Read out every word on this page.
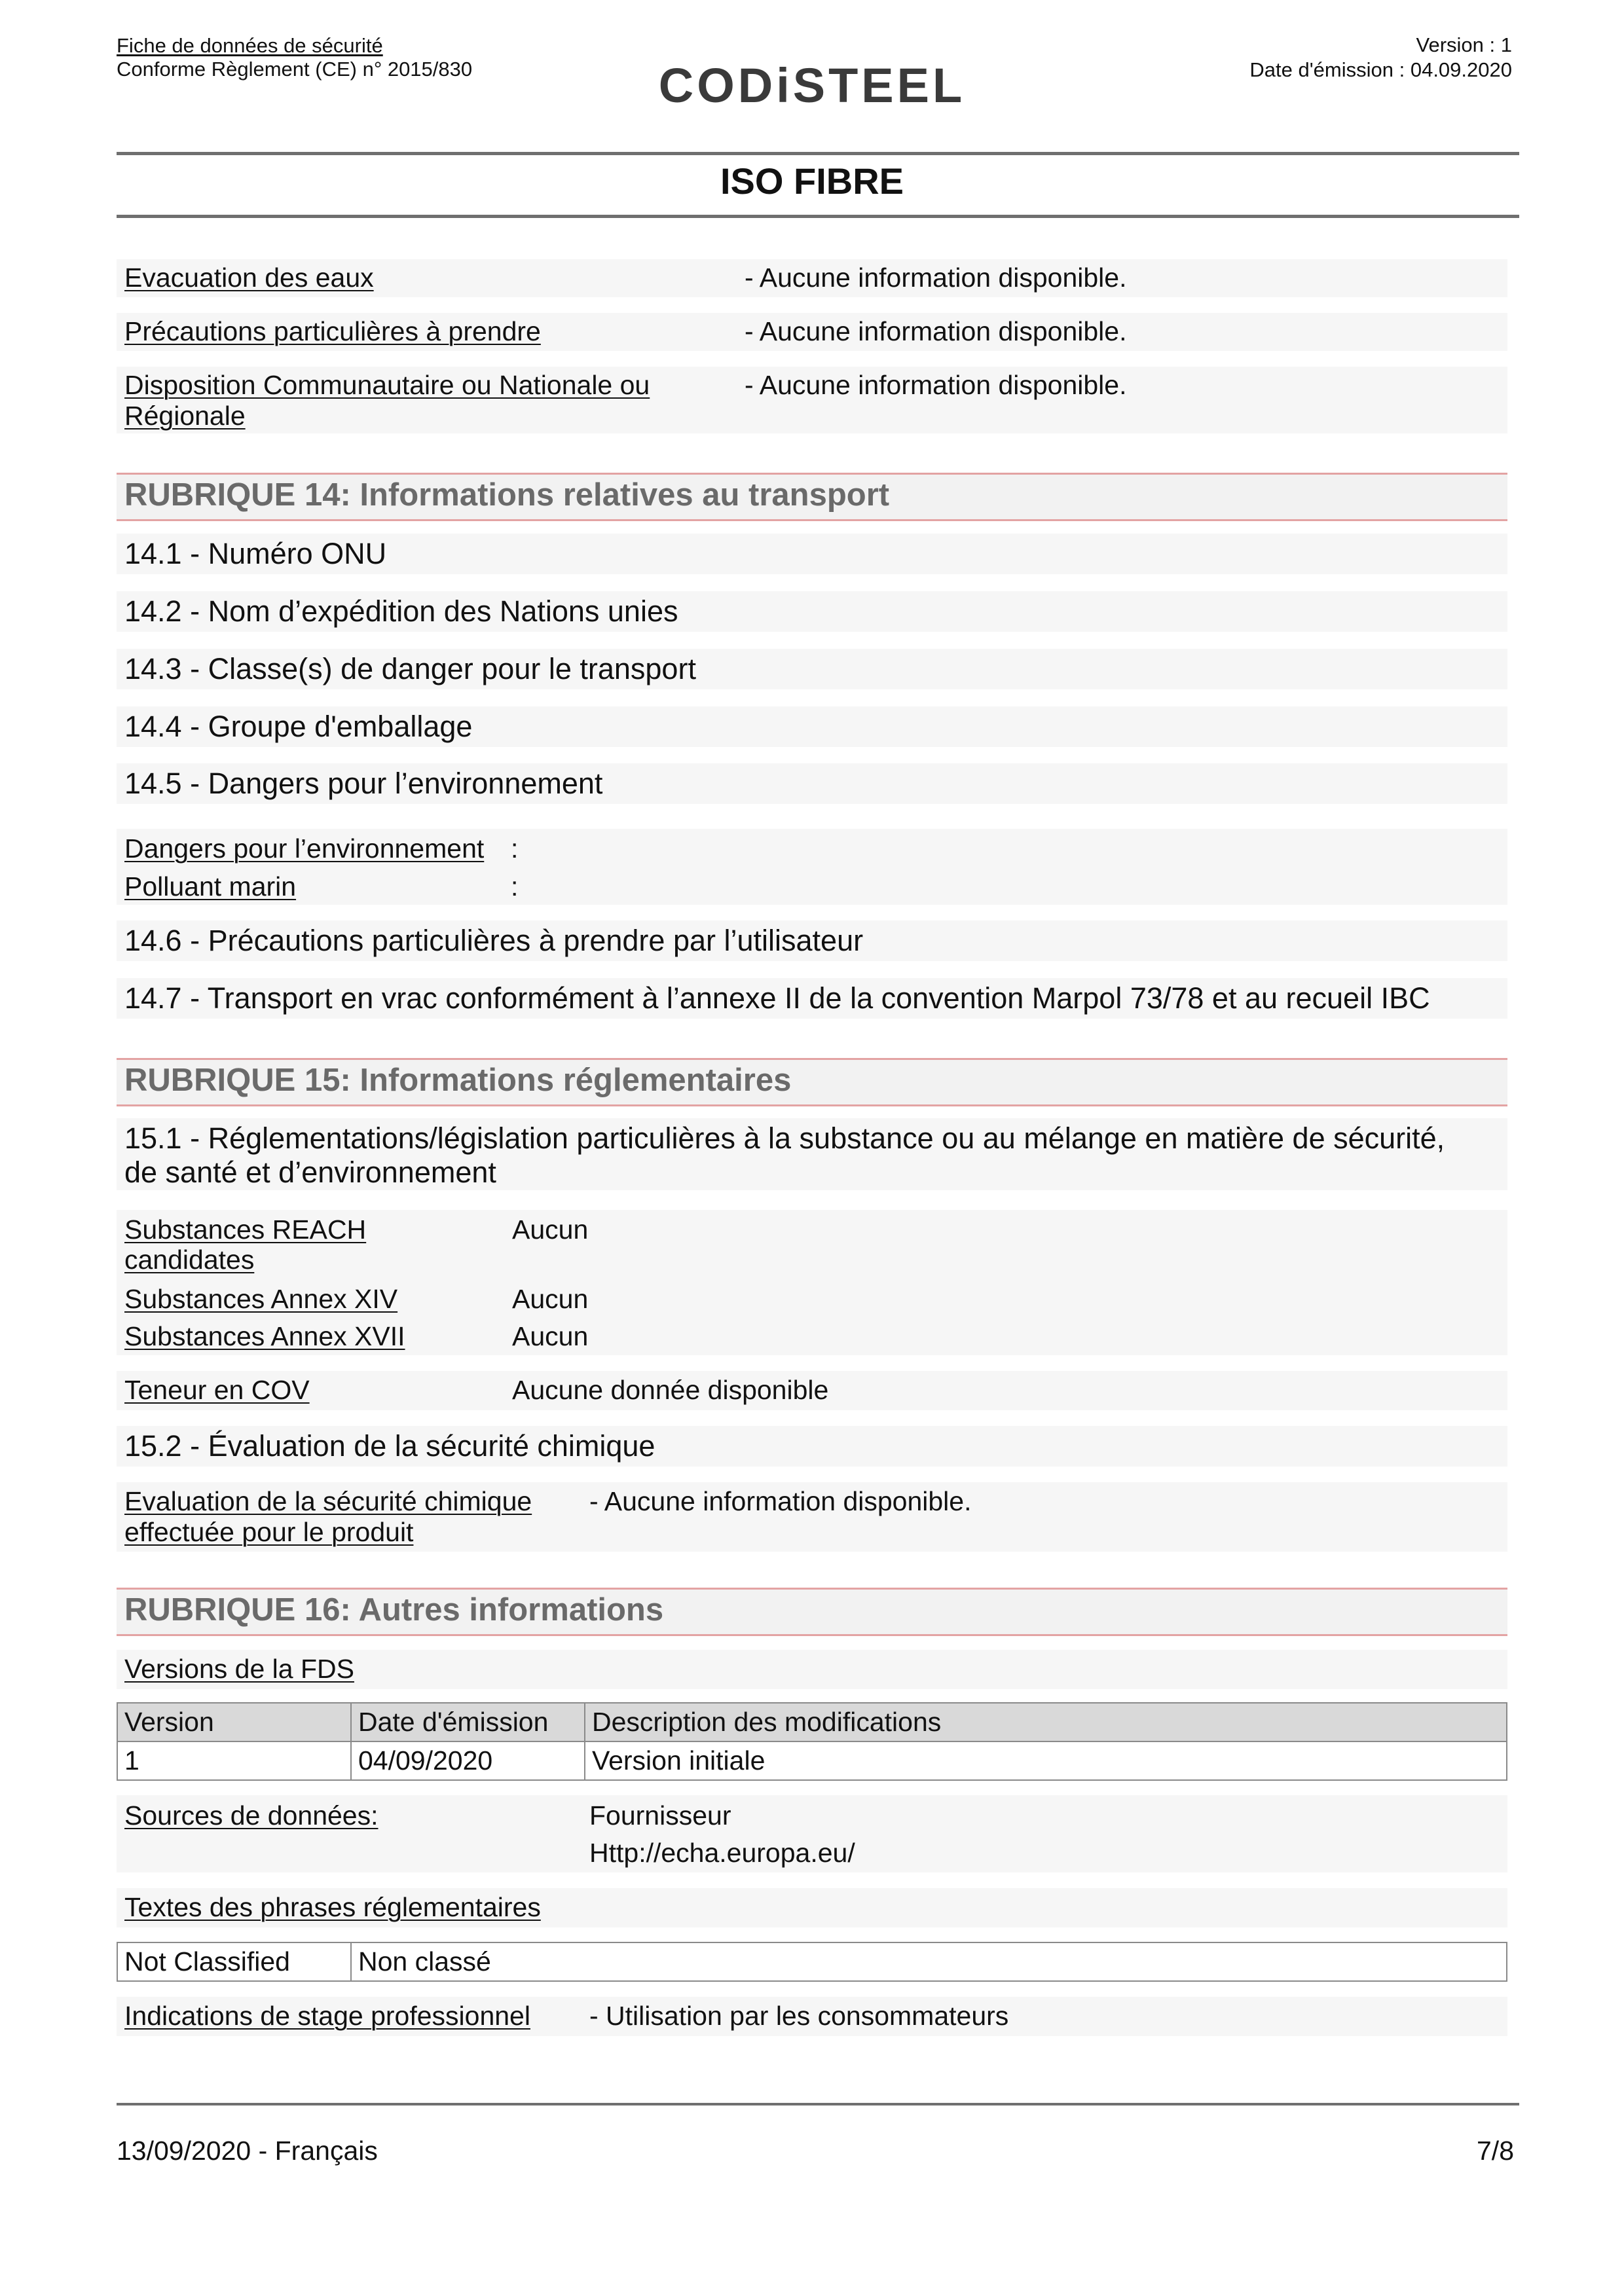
Fiche de données de sécurité
Conforme Règlement (CE) n° 2015/830	CODiSTEEL
Version : 1
Date d'émission : 04.09.2020
ISO FIBRE
Evacuation des eaux	- Aucune information disponible.
Précautions particulières à prendre	- Aucune information disponible.
Disposition Communautaire ou Nationale ou
Régionale
- Aucune information disponible.
RUBRIQUE 14: Informations relatives au transport
14.1 - Numéro ONU
14.2 - Nom d’expédition des Nations unies
14.3 - Classe(s) de danger pour le transport
14.4 - Groupe d'emballage
14.5 - Dangers pour l’environnement
Dangers pour l’environnement :
Polluant marin	:
14.6 - Précautions particulières à prendre par l’utilisateur
14.7 - Transport en vrac conformément à l’annexe II de la convention Marpol 73/78 et au recueil IBC
RUBRIQUE 15: Informations réglementaires
15.1 - Réglementations/législation particulières à la substance ou au mélange en matière de sécurité,
de santé et d’environnement
Substances REACH
candidates
Aucun
Substances Annex XIV	Aucun
Substances Annex XVII	Aucun
Teneur en COV	Aucune donnée disponible
15.2 - Évaluation de la sécurité chimique
Evaluation de la sécurité chimique
effectuée pour le produit
- Aucune information disponible.
RUBRIQUE 16: Autres informations
Versions de la FDS
Version	Date d'émission	Description des modifications
1	04/09/2020	Version initiale
Sources de données:	Fournisseur
Http://echa.europa.eu/
Textes des phrases réglementaires
Not Classified	Non classé
Indications de stage professionnel - Utilisation par les consommateurs
13/09/2020 - Français	7/8
